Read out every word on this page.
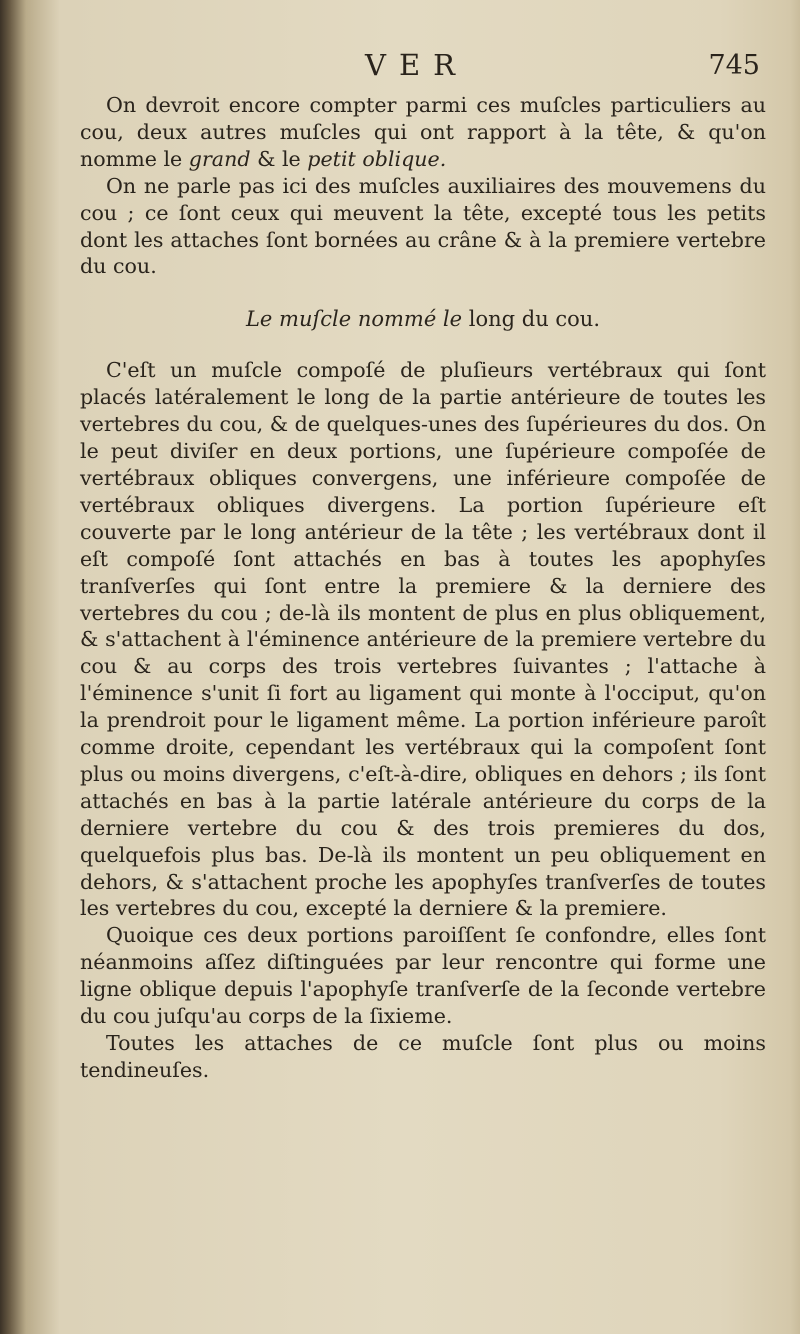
VER	745

On devroit encore compter parmi ces muſcles particuliers au cou, deux autres muſcles qui ont rapport à la tête, & qu'on nomme le grand & le petit oblique.

On ne parle pas ici des muſcles auxiliaires des mouvemens du cou ; ce ſont ceux qui meuvent la tête, excepté tous les petits dont les attaches ſont bornées au crâne & à la premiere vertebre du cou.

Le muſcle nommé le long du cou.

C'eſt un muſcle compoſé de pluſieurs vertébraux qui ſont placés latéralement le long de la partie antérieure de toutes les vertebres du cou, & de quelques-unes des ſupérieures du dos. On le peut diviſer en deux portions, une ſupérieure compoſée de vertébraux obliques convergens, une inférieure compoſée de vertébraux obliques divergens. La portion ſupérieure eſt couverte par le long antérieur de la tête ; les vertébraux dont il eſt compoſé ſont attachés en bas à toutes les apophyſes tranſverſes qui ſont entre la premiere & la derniere des vertebres du cou ; de-là ils montent de plus en plus obliquement, & s'attachent à l'éminence antérieure de la premiere vertebre du cou & au corps des trois vertebres ſuivantes ; l'attache à l'éminence s'unit ſi fort au ligament qui monte à l'occiput, qu'on la prendroit pour le ligament même. La portion inférieure paroît comme droite, cependant les vertébraux qui la compoſent ſont plus ou moins divergens, c'eſt-à-dire, obliques en dehors ; ils ſont attachés en bas à la partie latérale antérieure du corps de la derniere vertebre du cou & des trois premieres du dos, quelquefois plus bas. De-là ils montent un peu obliquement en dehors, & s'attachent proche les apophyſes tranſverſes de toutes les vertebres du cou, excepté la derniere & la premiere.

Quoique ces deux portions paroiſſent ſe confondre, elles ſont néanmoins aſſez diſtinguées par leur rencontre qui forme une ligne oblique depuis l'apophyſe tranſverſe de la ſeconde vertebre du cou juſqu'au corps de la ſixieme.

Toutes les attaches de ce muſcle ſont plus ou moins tendineuſes.
